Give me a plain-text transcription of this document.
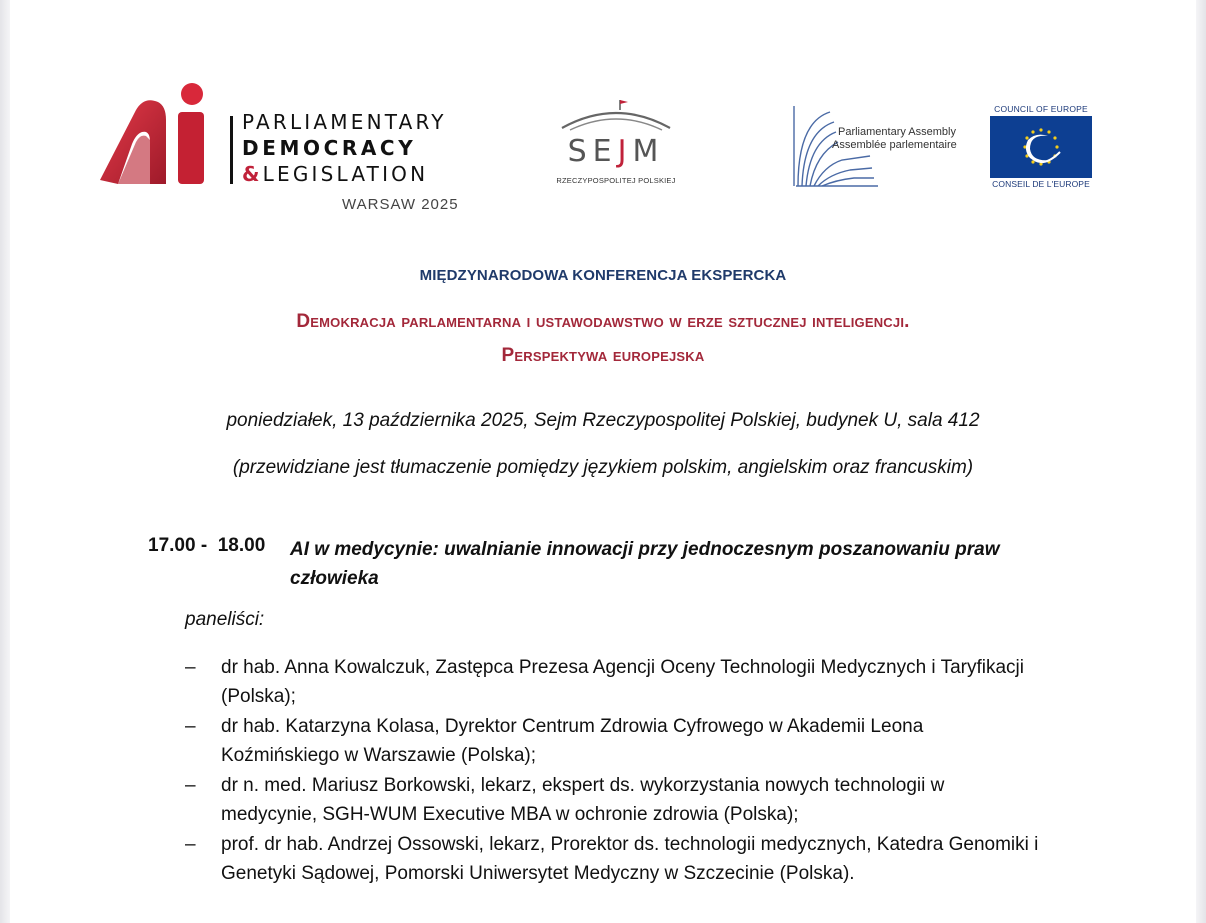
PARLIAMENTARY
DEMOCRACY
&LEGISLATION
WARSAW 2025
SEJM
RZECZYPOSPOLITEJ POLSKIEJ
Parliamentary Assembly
Assemblée parlementaire
COUNCIL OF EUROPE
CONSEIL DE L'EUROPE
MIĘDZYNARODOWA KONFERENCJA EKSPERCKA
Demokracja parlamentarna i ustawodawstwo w erze sztucznej inteligencji.
Perspektywa europejska
poniedziałek, 13 października 2025, Sejm Rzeczypospolitej Polskiej, budynek U, sala 412
(przewidziane jest tłumaczenie pomiędzy językiem polskim, angielskim oraz francuskim)
17.00 -  18.00 AI w medycynie: uwalnianie innowacji przy jednoczesnym poszanowaniu praw człowieka
paneliści:
–	dr hab. Anna Kowalczuk, Zastępca Prezesa Agencji Oceny Technologii Medycznych i Taryfikacji (Polska);
–	dr hab. Katarzyna Kolasa, Dyrektor Centrum Zdrowia Cyfrowego w Akademii Leona Koźmińskiego w Warszawie (Polska);
–	dr n. med. Mariusz Borkowski, lekarz, ekspert ds. wykorzystania nowych technologii w medycynie, SGH-WUM Executive MBA w ochronie zdrowia (Polska);
–	prof. dr hab. Andrzej Ossowski, lekarz, Prorektor ds. technologii medycznych, Katedra Genomiki i Genetyki Sądowej, Pomorski Uniwersytet Medyczny w Szczecinie (Polska).
